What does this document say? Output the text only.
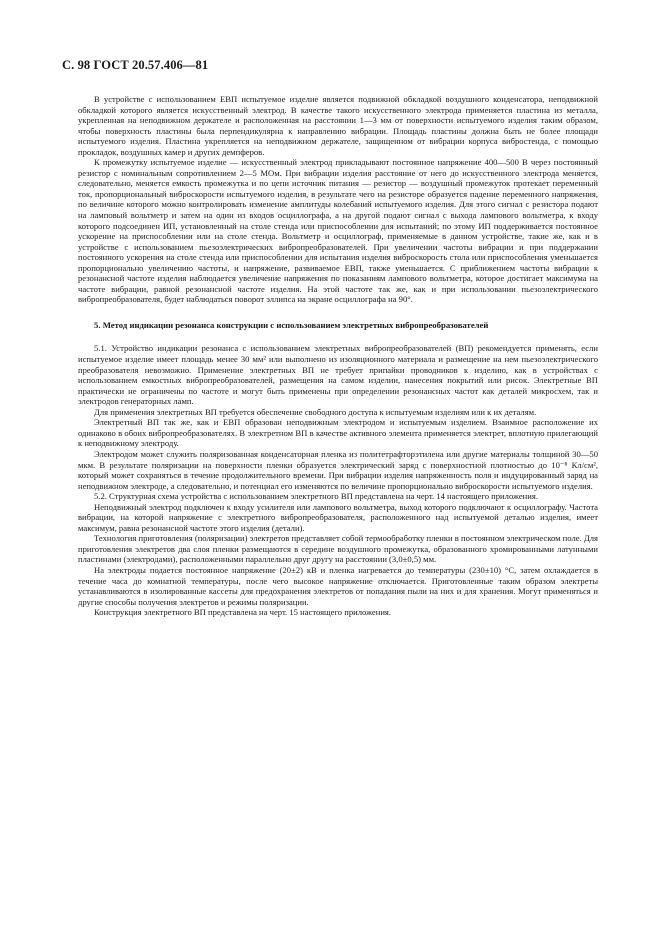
С. 98 ГОСТ 20.57.406—81

В устройстве с использованием ЕВП испытуемое изделие является подвижной обкладкой воздушного конденсатора, неподвижной обкладкой которого является искусственный электрод. В качестве такого искусственного электрода применяется пластина из металла, укрепленная на неподвижном держателе и расположенная на расстоянии 1—3 мм от поверхности испытуемого изделия таким образом, чтобы поверхность пластины была перпендикулярна к направлению вибрации. Площадь пластины должна быть не более площади испытуемого изделия. Пластина укрепляется на неподвижном держателе, защищенном от вибрации корпуса вибростенда, с помощью прокладок, воздушных камер и других демпферов.

К промежутку испытуемое изделие — искусственный электрод прикладывают постоянное напряжение 400—500 В через постоянный резистор с номинальным сопротивлением 2—5 МОм. При вибрации изделия расстояние от него до искусственного электрода меняется, следовательно, меняется емкость промежутка и по цепи источник питания — резистор — воздушный промежуток протекает переменный ток, пропорциональный виброскорости испытуемого изделия, в результате чего на резисторе образуется падение переменного напряжения, по величине которого можно контролировать изменение амплитуды колебаний испытуемого изделия. Для этого сигнал с резистора подают на ламповый вольтметр и затем на один из входов осциллографа, а на другой подают сигнал с выхода лампового вольтметра, к входу которого подсоединен ИП, установленный на столе стенда или приспособлении для испытаний; по этому ИП поддерживается постоянное ускорение на приспособлении или на столе стенда. Вольтметр и осциллограф, применяемые в данном устройстве, такие же, как и в устройстве с использованием пьезоэлектрических вибропреобразователей. При увеличении частоты вибрации и при поддержании постоянного ускорения на столе стенда или приспособлении для испытания изделия виброскорость стола или приспособления уменьшается пропорционально увеличению частоты, и напряжение, развиваемое ЕВП, также уменьшается. С приближением частоты вибрации к резонансной частоте изделия наблюдается увеличение напряжения по показаниям лампового вольтметра, которое достигает максимума на частоте вибрации, равной резонансной частоте изделия. На этой частоте так же, как и при использовании пьезоэлектрического вибропреобразователя, будет наблюдаться поворот эллипса на экране осциллографа на 90°.

5. Метод индикации резонанса конструкции с использованием электретных вибропреобразователей

5.1. Устройство индикации резонанса с использованием электретных вибропреобразователей (ВП) рекомендуется применять, если испытуемое изделие имеет площадь менее 30 мм² или выполнено из изоляционного материала и размещение на нем пьезоэлектрического преобразователя невозможно. Применение электретных ВП не требует припайки проводников к изделию, как в устройствах с использованием емкостных вибропреобразователей, размещения на самом изделии, нанесения покрытий или рисок. Электретные ВП практически не ограничены по частоте и могут быть применены при определении резонансных частот как деталей микросхем, так и электродов генераторных ламп.

Для применения электретных ВП требуется обеспечение свободного доступа к испытуемым изделиям или к их деталям.

Электретный ВП так же, как и ЕВП образован неподвижным электродом и испытуемым изделием. Взаимное расположение их одинаково в обоих вибропреобразователях. В электретном ВП в качестве активного элемента применяется электрет, вплотную прилегающий к неподвижному электроду.

Электродом может служить поляризованная конденсаторная пленка из политетрафторэтилена или другие материалы толщиной 30—50 мкм. В результате поляризации на поверхности пленки образуется электрический заряд с поверхностной плотностью до 10⁻⁸ Кл/см², который может сохраняться в течение продолжительного времени. При вибрации изделия напряженность поля и индуцированный заряд на неподвижном электроде, а следовательно, и потенциал его изменяются по величине пропорционально виброскорости испытуемого изделия.

5.2. Структурная схема устройства с использованием электретного ВП представлена на черт. 14 настоящего приложения.

Неподвижный электрод подключен к входу усилителя или лампового вольтметра, выход которого подключают к осциллографу. Частота вибрации, на которой напряжение с электретного вибропреобразователя, расположенного над испытуемой деталью изделия, имеет максимум, равна резонансной частоте этого изделия (детали).

Технология приготовления (поляризации) электретов представляет собой термообработку пленки в постоянном электрическом поле. Для приготовления электретов два слоя пленки размещаются в середине воздушного промежутка, образованного хромированными латунными пластинами (электродами), расположенными параллельно друг другу на расстоянии (3,0±0,5) мм.

На электроды подается постоянное напряжение (20±2) кВ и пленка нагревается до температуры (230±10) °С, затем охлаждается в течение часа до комнатной температуры, после чего высокое напряжение отключается. Приготовленные таким образом электреты устанавливаются в изолированные кассеты для предохранения электретов от попадания пыли на них и для хранения. Могут применяться и другие способы получения электретов и режимы поляризации.

Конструкция электретного ВП представлена на черт. 15 настоящего приложения.
